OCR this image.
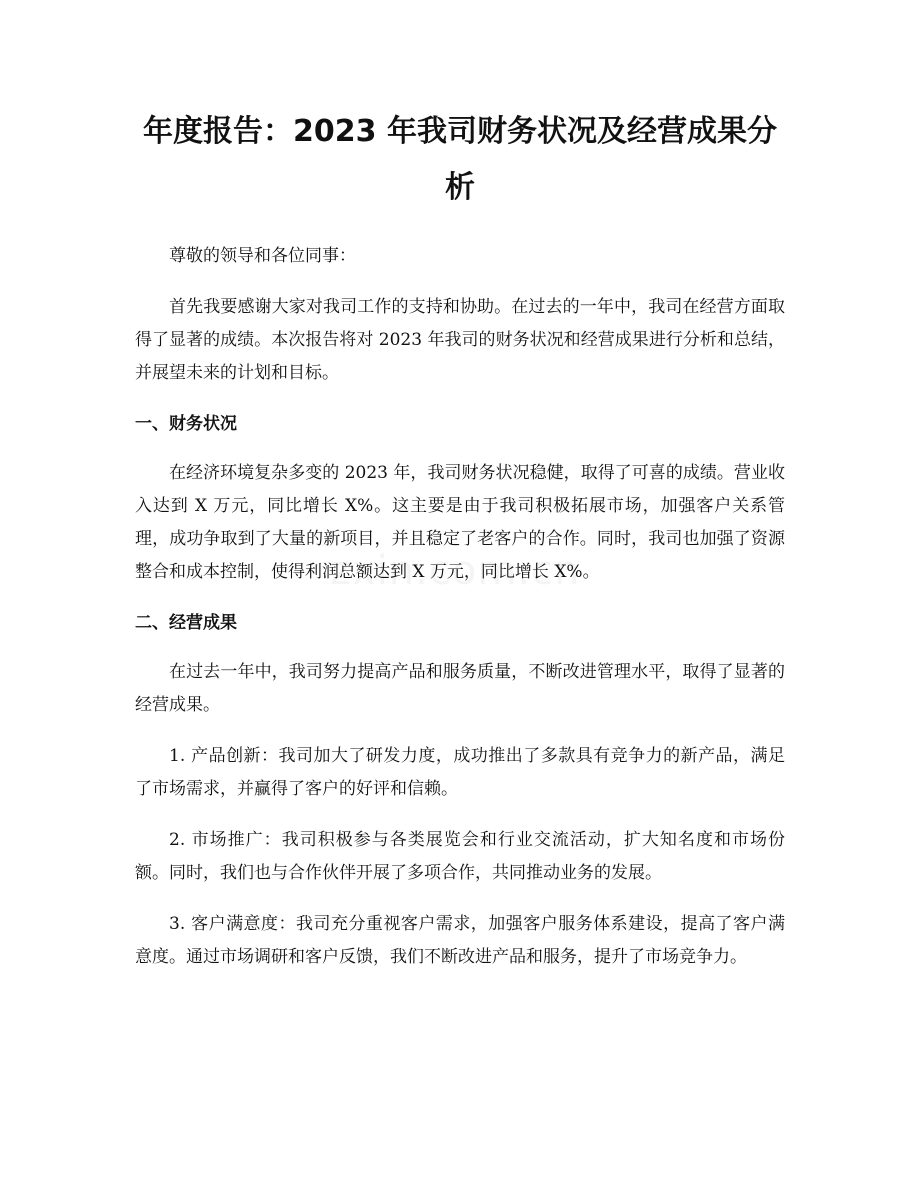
年度报告：2023 年我司财务状况及经营成果分析

尊敬的领导和各位同事：

首先我要感谢大家对我司工作的支持和协助。在过去的一年中，我司在经营方面取得了显著的成绩。本次报告将对 2023 年我司的财务状况和经营成果进行分析和总结，并展望未来的计划和目标。

一、财务状况

在经济环境复杂多变的 2023 年，我司财务状况稳健，取得了可喜的成绩。营业收入达到 X 万元，同比增长 X%。这主要是由于我司积极拓展市场，加强客户关系管理，成功争取到了大量的新项目，并且稳定了老客户的合作。同时，我司也加强了资源整合和成本控制，使得利润总额达到 X 万元，同比增长 X%。

二、经营成果

在过去一年中，我司努力提高产品和服务质量，不断改进管理水平，取得了显著的经营成果。

1. 产品创新：我司加大了研发力度，成功推出了多款具有竞争力的新产品，满足了市场需求，并赢得了客户的好评和信赖。

2. 市场推广：我司积极参与各类展览会和行业交流活动，扩大知名度和市场份额。同时，我们也与合作伙伴开展了多项合作，共同推动业务的发展。

3. 客户满意度：我司充分重视客户需求，加强客户服务体系建设，提高了客户满意度。通过市场调研和客户反馈，我们不断改进产品和服务，提升了市场竞争力。
